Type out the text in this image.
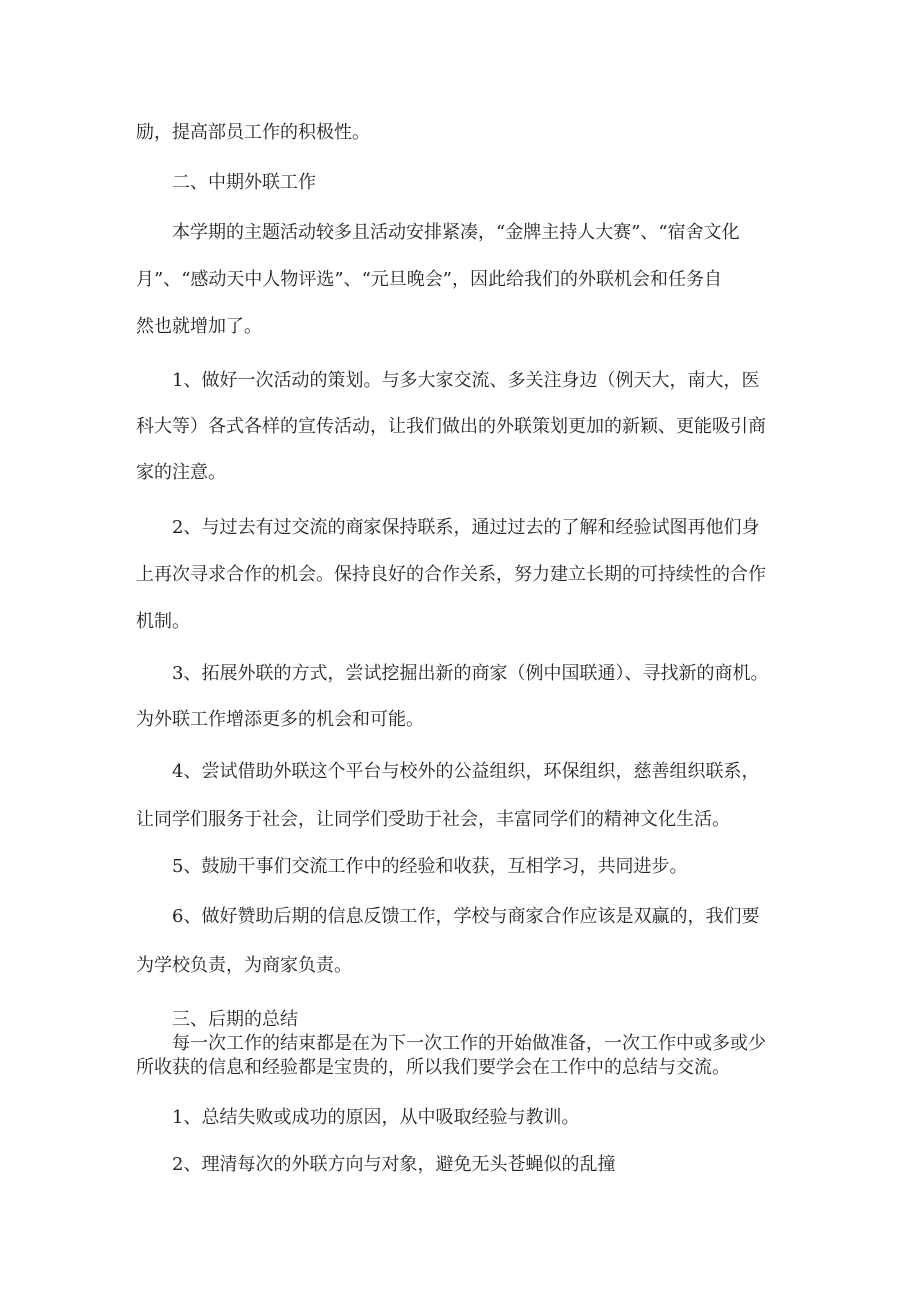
励，提高部员工作的积极性。
二、中期外联工作
本学期的主题活动较多且活动安排紧凑，“金牌主持人大赛”、“宿舍文化
月”、“感动天中人物评选”、“元旦晚会”，因此给我们的外联机会和任务自
然也就增加了。
1、做好一次活动的策划。与多大家交流、多关注身边（例天大，南大，医
科大等）各式各样的宣传活动，让我们做出的外联策划更加的新颖、更能吸引商
家的注意。
2、与过去有过交流的商家保持联系，通过过去的了解和经验试图再他们身
上再次寻求合作的机会。保持良好的合作关系，努力建立长期的可持续性的合作
机制。
3、拓展外联的方式，尝试挖掘出新的商家（例中国联通）、寻找新的商机。
为外联工作增添更多的机会和可能。
4、尝试借助外联这个平台与校外的公益组织，环保组织，慈善组织联系，
让同学们服务于社会，让同学们受助于社会，丰富同学们的精神文化生活。
5、鼓励干事们交流工作中的经验和收获，互相学习，共同进步。
6、做好赞助后期的信息反馈工作，学校与商家合作应该是双赢的，我们要
为学校负责，为商家负责。
三、后期的总结
每一次工作的结束都是在为下一次工作的开始做准备，一次工作中或多或少
所收获的信息和经验都是宝贵的，所以我们要学会在工作中的总结与交流。
1、总结失败或成功的原因，从中吸取经验与教训。
2、理清每次的外联方向与对象，避免无头苍蝇似的乱撞
